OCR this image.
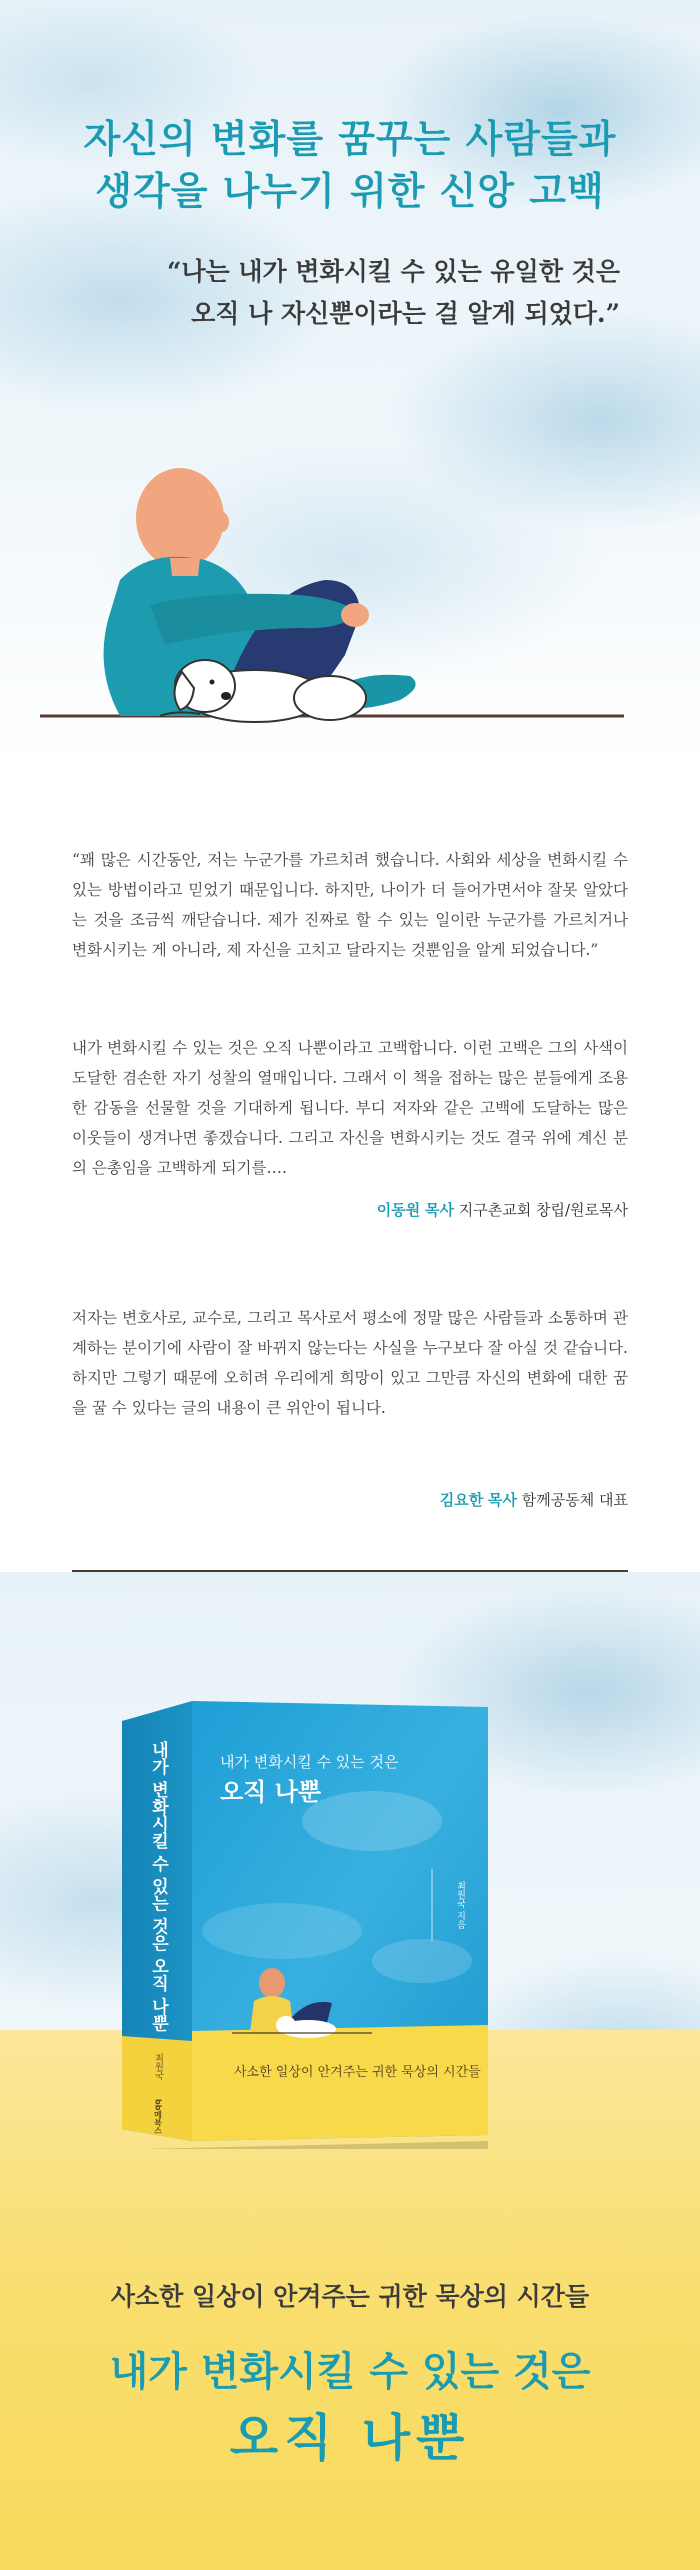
자신의 변화를 꿈꾸는 사람들과
생각을 나누기 위한 신앙 고백
“나는 내가 변화시킬 수 있는 유일한 것은
오직 나 자신뿐이라는 걸 알게 되었다.”

“꽤 많은 시간동안, 저는 누군가를 가르치려 했습니다. 사회와 세상을 변화시킬 수 있는 방법이라고 믿었기 때문입니다. 하지만, 나이가 더 들어가면서야 잘못 알았다는 것을 조금씩 깨닫습니다. 제가 진짜로 할 수 있는 일이란 누군가를 가르치거나 변화시키는 게 아니라, 제 자신을 고치고 달라지는 것뿐임을 알게 되었습니다.”

내가 변화시킬 수 있는 것은 오직 나뿐이라고 고백합니다. 이런 고백은 그의 사색이 도달한 겸손한 자기 성찰의 열매입니다. 그래서 이 책을 접하는 많은 분들에게 조용한 감동을 선물할 것을 기대하게 됩니다. 부디 저자와 같은 고백에 도달하는 많은 이웃들이 생겨나면 좋겠습니다. 그리고 자신을 변화시키는 것도 결국 위에 계신 분의 은총임을 고백하게 되기를….

이동원 목사 지구촌교회 창립/원로목사

저자는 변호사로, 교수로, 그리고 목사로서 평소에 정말 많은 사람들과 소통하며 관계하는 분이기에 사람이 잘 바뀌지 않는다는 사실을 누구보다 잘 아실 것 같습니다. 하지만 그렇기 때문에 오히려 우리에게 희망이 있고 그만큼 자신의 변화에 대한 꿈을 꿀 수 있다는 글의 내용이 큰 위안이 됩니다.

김요한 목사 함께공동체 대표
내가 변화시킬 수 있는 것은
오직 나뿐
최원국 지음
내가 변화시킬 수 있는 것은 오직 나뿐
최원국
bb메북스
사소한 일상이 안겨주는 귀한 묵상의 시간들
사소한 일상이 안겨주는 귀한 묵상의 시간들
내가 변화시킬 수 있는 것은
오직 나뿐
